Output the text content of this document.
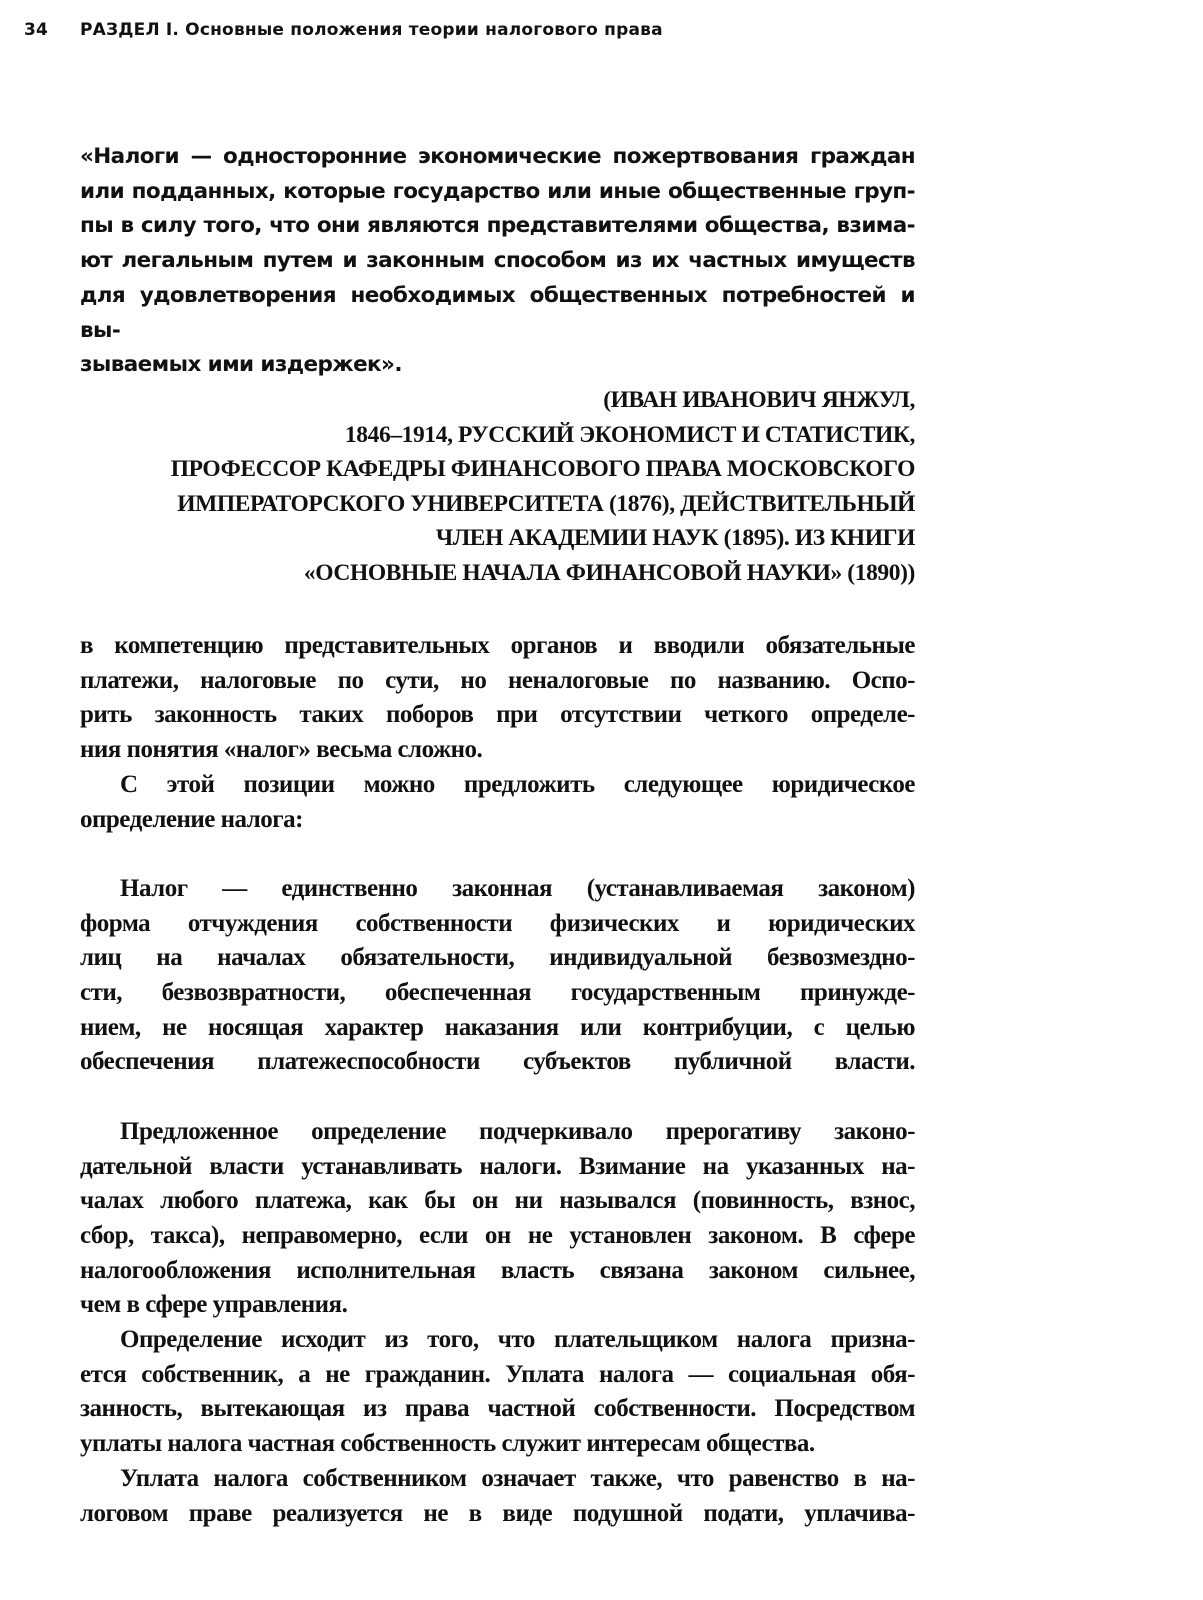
34 РАЗДЕЛ I. Основные положения теории налогового права

«Налоги — односторонние экономические пожертвования граждан
или подданных, которые государство или иные общественные груп-
пы в силу того, что они являются представителями общества, взима-
ют легальным путем и законным способом из их частных имуществ
для удовлетворения необходимых общественных потребностей и вы-
зываемых ими издержек».

(ИВАН ИВАНОВИЧ ЯНЖУЛ,
1846–1914, РУССКИЙ ЭКОНОМИСТ И СТАТИСТИК,
ПРОФЕССОР КАФЕДРЫ ФИНАНСОВОГО ПРАВА МОСКОВСКОГО
ИМПЕРАТОРСКОГО УНИВЕРСИТЕТА (1876), ДЕЙСТВИТЕЛЬНЫЙ
ЧЛЕН АКАДЕМИИ НАУК (1895). ИЗ КНИГИ
«ОСНОВНЫЕ НАЧАЛА ФИНАНСОВОЙ НАУКИ» (1890))

в компетенцию представительных органов и вводили обязательные
платежи, налоговые по сути, но неналоговые по названию. Оспо-
рить законность таких поборов при отсутствии четкого определе-
ния понятия «налог» весьма сложно.

С этой позиции можно предложить следующее юридическое
определение налога:

Налог — единственно законная (устанавливаемая законом)
форма отчуждения собственности физических и юридических
лиц на началах обязательности, индивидуальной безвозмездно-
сти, безвозвратности, обеспеченная государственным принужде-
нием, не носящая характер наказания или контрибуции, с целью
обеспечения платежеспособности субъектов публичной власти.

Предложенное определение подчеркивало прерогативу законо-
дательной власти устанавливать налоги. Взимание на указанных на-
чалах любого платежа, как бы он ни назывался (повинность, взнос,
сбор, такса), неправомерно, если он не установлен законом. В сфере
налогообложения исполнительная власть связана законом сильнее,
чем в сфере управления.

Определение исходит из того, что плательщиком налога призна-
ется собственник, а не гражданин. Уплата налога — социальная обя-
занность, вытекающая из права частной собственности. Посредством
уплаты налога частная собственность служит интересам общества.

Уплата налога собственником означает также, что равенство в на-
логовом праве реализуется не в виде подушной подати, уплачива-
